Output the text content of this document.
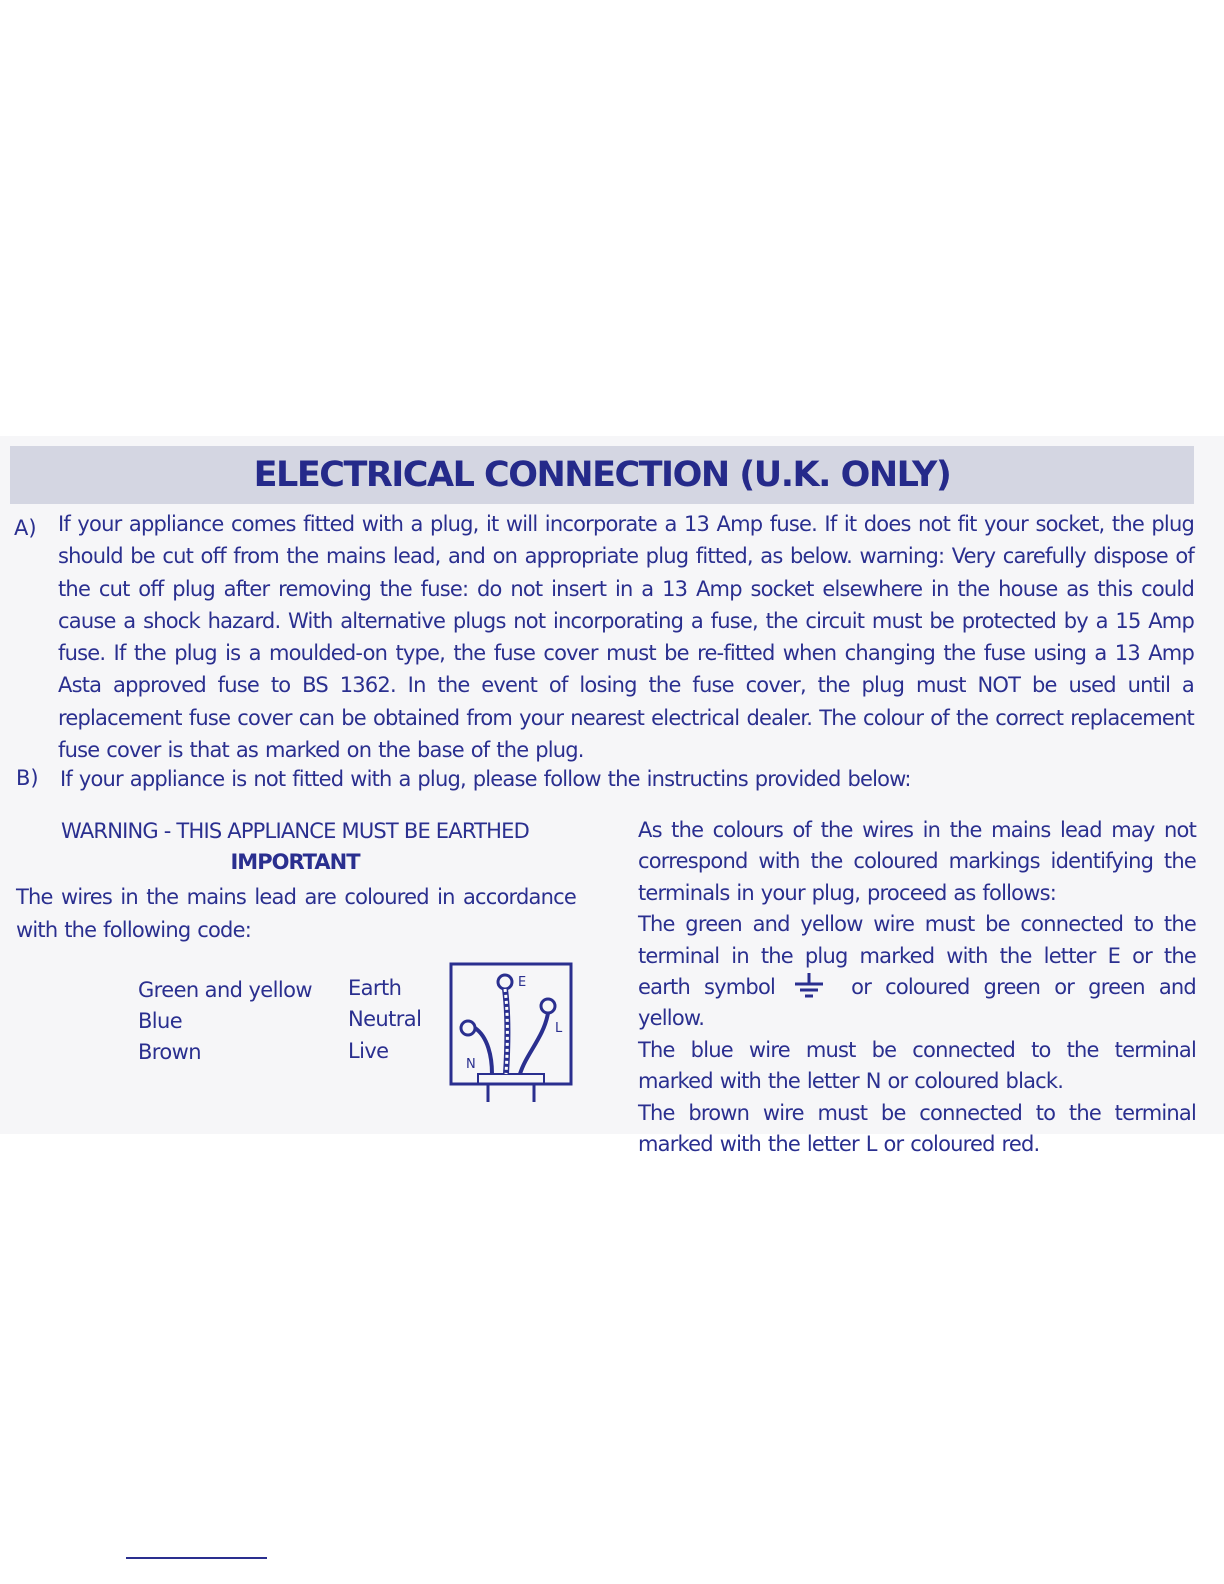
ELECTRICAL CONNECTION (U.K. ONLY)
A) If your appliance comes fitted with a plug, it will incorporate a 13 Amp fuse. If it does not fit your socket, the plug should be cut off from the mains lead, and on appropriate plug fitted, as below. warning: Very carefully dispose of the cut off plug after removing the fuse: do not insert in a 13 Amp socket elsewhere in the house as this could cause a shock hazard. With alternative plugs not incorporating a fuse, the circuit must be protected by a 15 Amp fuse. If the plug is a moulded-on type, the fuse cover must be re-fitted when changing the fuse using a 13 Amp Asta approved fuse to BS 1362. In the event of losing the fuse cover, the plug must NOT be used until a replacement fuse cover can be obtained from your nearest electrical dealer. The colour of the correct replacement fuse cover is that as marked on the base of the plug.

B) If your appliance is not fitted with a plug, please follow the instructins provided below:

WARNING - THIS APPLIANCE MUST BE EARTHED
IMPORTANT

The wires in the mains lead are coloured in accordance with the following code:

Green and yellow Earth
Blue	Neutral
Brown	Live
E
L
N
As the colours of the wires in the mains lead may not correspond with the coloured markings identifying the terminals in your plug, proceed as follows:
The green and yellow wire must be connected to the terminal in the plug marked with the letter E or the earth symbol	or coloured green or green and yellow.
The blue wire must be connected to the terminal marked with the letter N or coloured black.
The brown wire must be connected to the terminal marked with the letter L or coloured red.
